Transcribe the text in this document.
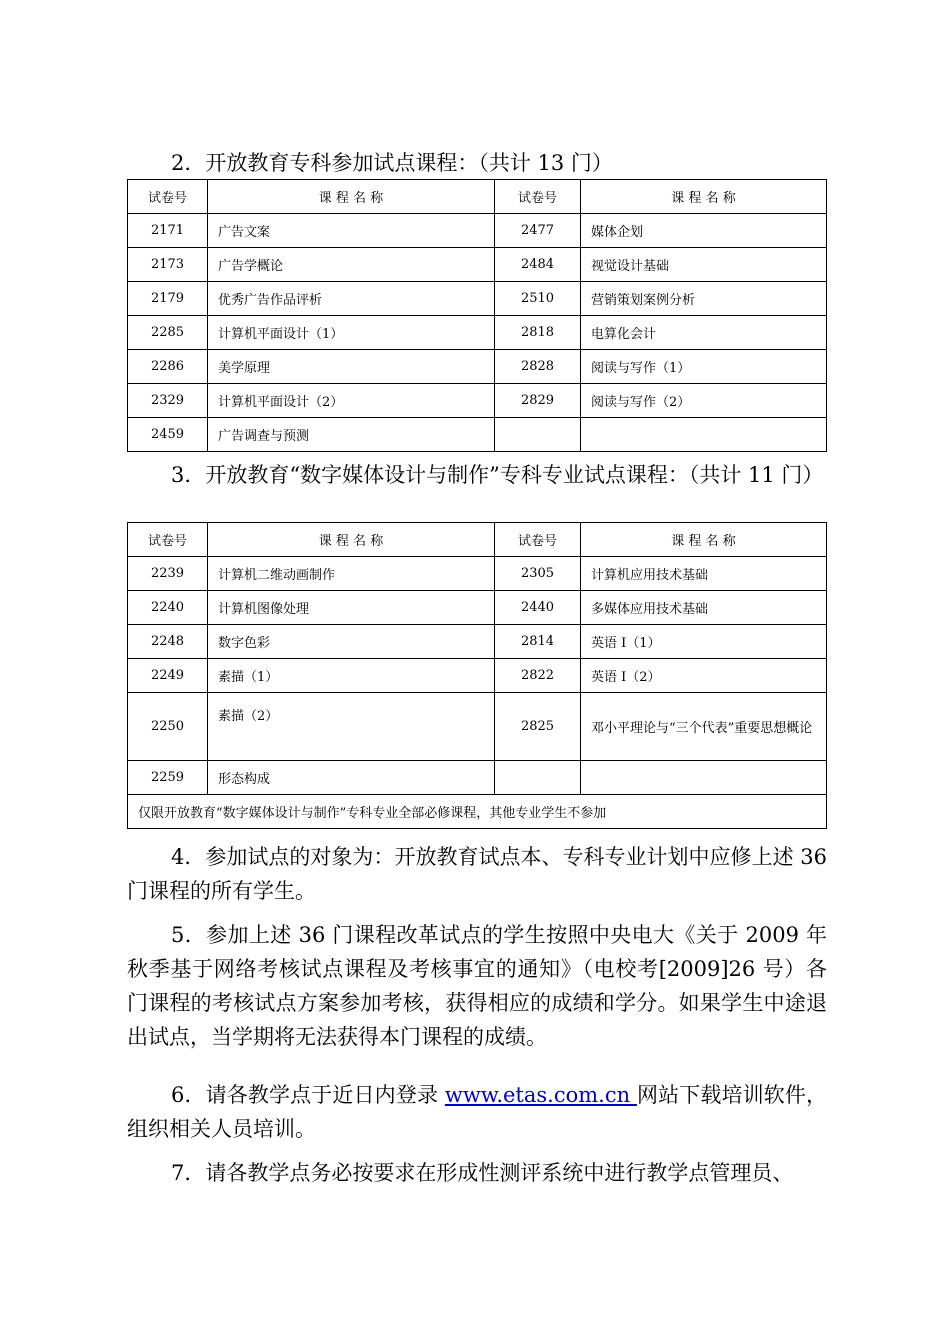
2．开放教育专科参加试点课程：（共计 13 门）
试卷号	课 程 名 称	试卷号	课 程 名 称
2171	广告文案	2477	媒体企划
2173	广告学概论	2484	视觉设计基础
2179	优秀广告作品评析	2510	营销策划案例分析
2285	计算机平面设计（1）	2818	电算化会计
2286	美学原理	2828	阅读与写作（1）
2329	计算机平面设计（2）	2829	阅读与写作（2）
2459	广告调查与预测		
3．开放教育“数字媒体设计与制作”专科专业试点课程：（共计 11 门）
试卷号	课 程 名 称	试卷号	课 程 名 称
2239	计算机二维动画制作	2305	计算机应用技术基础
2240	计算机图像处理	2440	多媒体应用技术基础
2248	数字色彩	2814	英语 I（1）
2249	素描（1）	2822	英语 I（2）
2250	素描（2）	2825	邓小平理论与“三个代表”重要思想概论
2259	形态构成		
仅限开放教育“数字媒体设计与制作”专科专业全部必修课程，其他专业学生不参加			
4．参加试点的对象为：开放教育试点本、专科专业计划中应修上述 36 门课程的所有学生。
5．参加上述 36 门课程改革试点的学生按照中央电大《关于 2009 年秋季基于网络考核试点课程及考核事宜的通知》（电校考[2009]26 号）各门课程的考核试点方案参加考核，获得相应的成绩和学分。如果学生中途退出试点，当学期将无法获得本门课程的成绩。
6．请各教学点于近日内登录 www.etas.com.cn 网站下载培训软件，组织相关人员培训。
7．请各教学点务必按要求在形成性测评系统中进行教学点管理员、
